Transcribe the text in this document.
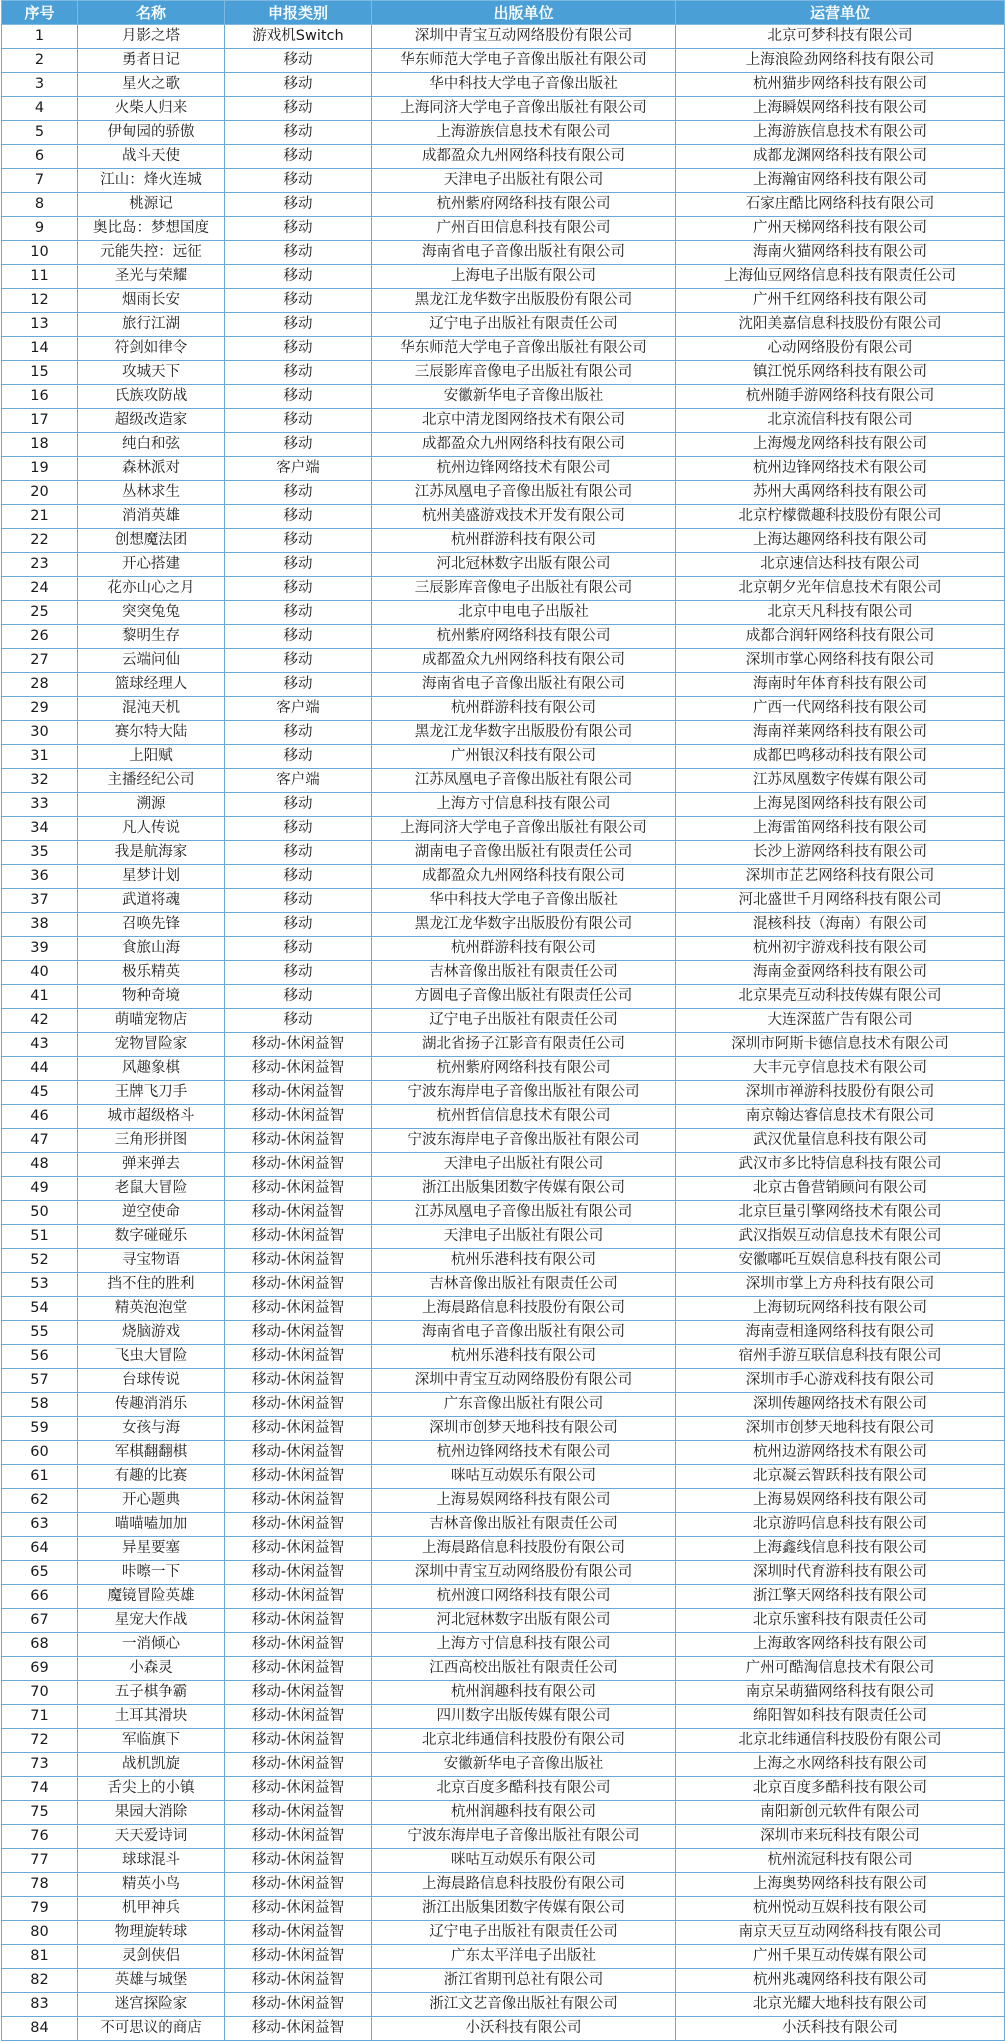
序号	名称	申报类别	出版单位	运营单位
1	月影之塔	游戏机Switch	深圳中青宝互动网络股份有限公司	北京可梦科技有限公司
2	勇者日记	移动	华东师范大学电子音像出版社有限公司	上海浪险劲网络科技有限公司
3	星火之歌	移动	华中科技大学电子音像出版社	杭州猫步网络科技有限公司
4	火柴人归来	移动	上海同济大学电子音像出版社有限公司	上海瞬娱网络科技有限公司
5	伊甸园的骄傲	移动	上海游族信息技术有限公司	上海游族信息技术有限公司
6	战斗天使	移动	成都盈众九州网络科技有限公司	成都龙渊网络科技有限公司
7	江山：烽火连城	移动	天津电子出版社有限公司	上海瀚宙网络科技有限公司
8	桃源记	移动	杭州紫府网络科技有限公司	石家庄酷比网络科技有限公司
9	奥比岛：梦想国度	移动	广州百田信息科技有限公司	广州天梯网络科技有限公司
10	元能失控：远征	移动	海南省电子音像出版社有限公司	海南火猫网络科技有限公司
11	圣光与荣耀	移动	上海电子出版有限公司	上海仙豆网络信息科技有限责任公司
12	烟雨长安	移动	黑龙江龙华数字出版股份有限公司	广州千红网络科技有限公司
13	旅行江湖	移动	辽宁电子出版社有限责任公司	沈阳美嘉信息科技股份有限公司
14	符剑如律令	移动	华东师范大学电子音像出版社有限公司	心动网络股份有限公司
15	攻城天下	移动	三辰影库音像电子出版社有限公司	镇江悦乐网络科技有限公司
16	氏族攻防战	移动	安徽新华电子音像出版社	杭州随手游网络科技有限公司
17	超级改造家	移动	北京中清龙图网络技术有限公司	北京流信科技有限公司
18	纯白和弦	移动	成都盈众九州网络科技有限公司	上海熳龙网络科技有限公司
19	森林派对	客户端	杭州边锋网络技术有限公司	杭州边锋网络技术有限公司
20	丛林求生	移动	江苏凤凰电子音像出版社有限公司	苏州大禹网络科技有限公司
21	消消英雄	移动	杭州美盛游戏技术开发有限公司	北京柠檬微趣科技股份有限公司
22	创想魔法团	移动	杭州群游科技有限公司	上海达趣网络科技有限公司
23	开心搭建	移动	河北冠林数字出版有限公司	北京速信达科技有限公司
24	花亦山心之月	移动	三辰影库音像电子出版社有限公司	北京朝夕光年信息技术有限公司
25	突突兔兔	移动	北京中电电子出版社	北京天凡科技有限公司
26	黎明生存	移动	杭州紫府网络科技有限公司	成都合润轩网络科技有限公司
27	云端问仙	移动	成都盈众九州网络科技有限公司	深圳市掌心网络科技有限公司
28	篮球经理人	移动	海南省电子音像出版社有限公司	海南时年体育科技有限公司
29	混沌天机	客户端	杭州群游科技有限公司	广西一代网络科技有限公司
30	赛尔特大陆	移动	黑龙江龙华数字出版股份有限公司	海南祥莱网络科技有限公司
31	上阳赋	移动	广州银汉科技有限公司	成都巴鸣移动科技有限公司
32	主播经纪公司	客户端	江苏凤凰电子音像出版社有限公司	江苏凤凰数字传媒有限公司
33	溯源	移动	上海方寸信息科技有限公司	上海晃图网络科技有限公司
34	凡人传说	移动	上海同济大学电子音像出版社有限公司	上海雷笛网络科技有限公司
35	我是航海家	移动	湖南电子音像出版社有限责任公司	长沙上游网络科技有限公司
36	星梦计划	移动	成都盈众九州网络科技有限公司	深圳市芷艺网络科技有限公司
37	武道将魂	移动	华中科技大学电子音像出版社	河北盛世千月网络科技有限公司
38	召唤先锋	移动	黑龙江龙华数字出版股份有限公司	混核科技（海南）有限公司
39	食旅山海	移动	杭州群游科技有限公司	杭州初宇游戏科技有限公司
40	极乐精英	移动	吉林音像出版社有限责任公司	海南金蚕网络科技有限公司
41	物种奇境	移动	方圆电子音像出版社有限责任公司	北京果壳互动科技传媒有限公司
42	萌喵宠物店	移动	辽宁电子出版社有限责任公司	大连深蓝广告有限公司
43	宠物冒险家	移动-休闲益智	湖北省扬子江影音有限责任公司	深圳市阿斯卡德信息技术有限公司
44	风趣象棋	移动-休闲益智	杭州紫府网络科技有限公司	大丰元亨信息技术有限公司
45	王牌飞刀手	移动-休闲益智	宁波东海岸电子音像出版社有限公司	深圳市禅游科技股份有限公司
46	城市超级格斗	移动-休闲益智	杭州哲信信息技术有限公司	南京翰达睿信息技术有限公司
47	三角形拼图	移动-休闲益智	宁波东海岸电子音像出版社有限公司	武汉优量信息科技有限公司
48	弹来弹去	移动-休闲益智	天津电子出版社有限公司	武汉市多比特信息科技有限公司
49	老鼠大冒险	移动-休闲益智	浙江出版集团数字传媒有限公司	北京古鲁营销顾问有限公司
50	逆空使命	移动-休闲益智	江苏凤凰电子音像出版社有限公司	北京巨量引擎网络技术有限公司
51	数字碰碰乐	移动-休闲益智	天津电子出版社有限公司	武汉指娱互动信息技术有限公司
52	寻宝物语	移动-休闲益智	杭州乐港科技有限公司	安徽嘟吒互娱信息科技有限公司
53	挡不住的胜利	移动-休闲益智	吉林音像出版社有限责任公司	深圳市掌上方舟科技有限公司
54	精英泡泡堂	移动-休闲益智	上海晨路信息科技股份有限公司	上海韧玩网络科技有限公司
55	烧脑游戏	移动-休闲益智	海南省电子音像出版社有限公司	海南壹相逢网络科技有限公司
56	飞虫大冒险	移动-休闲益智	杭州乐港科技有限公司	宿州手游互联信息科技有限公司
57	台球传说	移动-休闲益智	深圳中青宝互动网络股份有限公司	深圳市手心游戏科技有限公司
58	传趣消消乐	移动-休闲益智	广东音像出版社有限公司	深圳传趣网络技术有限公司
59	女孩与海	移动-休闲益智	深圳市创梦天地科技有限公司	深圳市创梦天地科技有限公司
60	军棋翻翻棋	移动-休闲益智	杭州边锋网络技术有限公司	杭州边游网络技术有限公司
61	有趣的比赛	移动-休闲益智	咪咕互动娱乐有限公司	北京凝云智跃科技有限公司
62	开心题典	移动-休闲益智	上海易娱网络科技有限公司	上海易娱网络科技有限公司
63	喵喵嗑加加	移动-休闲益智	吉林音像出版社有限责任公司	北京游吗信息科技有限公司
64	异星要塞	移动-休闲益智	上海晨路信息科技股份有限公司	上海鑫线信息科技有限公司
65	咔嚓一下	移动-休闲益智	深圳中青宝互动网络股份有限公司	深圳时代育游科技有限公司
66	魔镜冒险英雄	移动-休闲益智	杭州渡口网络科技有限公司	浙江擎天网络科技有限公司
67	星宠大作战	移动-休闲益智	河北冠林数字出版有限公司	北京乐蜜科技有限责任公司
68	一消倾心	移动-休闲益智	上海方寸信息科技有限公司	上海敢客网络科技有限公司
69	小森灵	移动-休闲益智	江西高校出版社有限责任公司	广州可酷淘信息技术有限公司
70	五子棋争霸	移动-休闲益智	杭州润趣科技有限公司	南京呆萌猫网络科技有限公司
71	土耳其滑块	移动-休闲益智	四川数字出版传媒有限公司	绵阳智如科技有限责任公司
72	军临旗下	移动-休闲益智	北京北纬通信科技股份有限公司	北京北纬通信科技股份有限公司
73	战机凯旋	移动-休闲益智	安徽新华电子音像出版社	上海之水网络科技有限公司
74	舌尖上的小镇	移动-休闲益智	北京百度多酷科技有限公司	北京百度多酷科技有限公司
75	果园大消除	移动-休闲益智	杭州润趣科技有限公司	南阳新创元软件有限公司
76	天天爱诗词	移动-休闲益智	宁波东海岸电子音像出版社有限公司	深圳市来玩科技有限公司
77	球球混斗	移动-休闲益智	咪咕互动娱乐有限公司	杭州流冠科技有限公司
78	精英小鸟	移动-休闲益智	上海晨路信息科技股份有限公司	上海奥势网络科技有限公司
79	机甲神兵	移动-休闲益智	浙江出版集团数字传媒有限公司	杭州悦动互娱科技有限公司
80	物理旋转球	移动-休闲益智	辽宁电子出版社有限责任公司	南京天豆互动网络科技有限公司
81	灵剑侠侣	移动-休闲益智	广东太平洋电子出版社	广州千果互动传媒有限公司
82	英雄与城堡	移动-休闲益智	浙江省期刊总社有限公司	杭州兆魂网络科技有限公司
83	迷宫探险家	移动-休闲益智	浙江文艺音像出版社有限公司	北京光耀大地科技有限公司
84	不可思议的商店	移动-休闲益智	小沃科技有限公司	小沃科技有限公司
